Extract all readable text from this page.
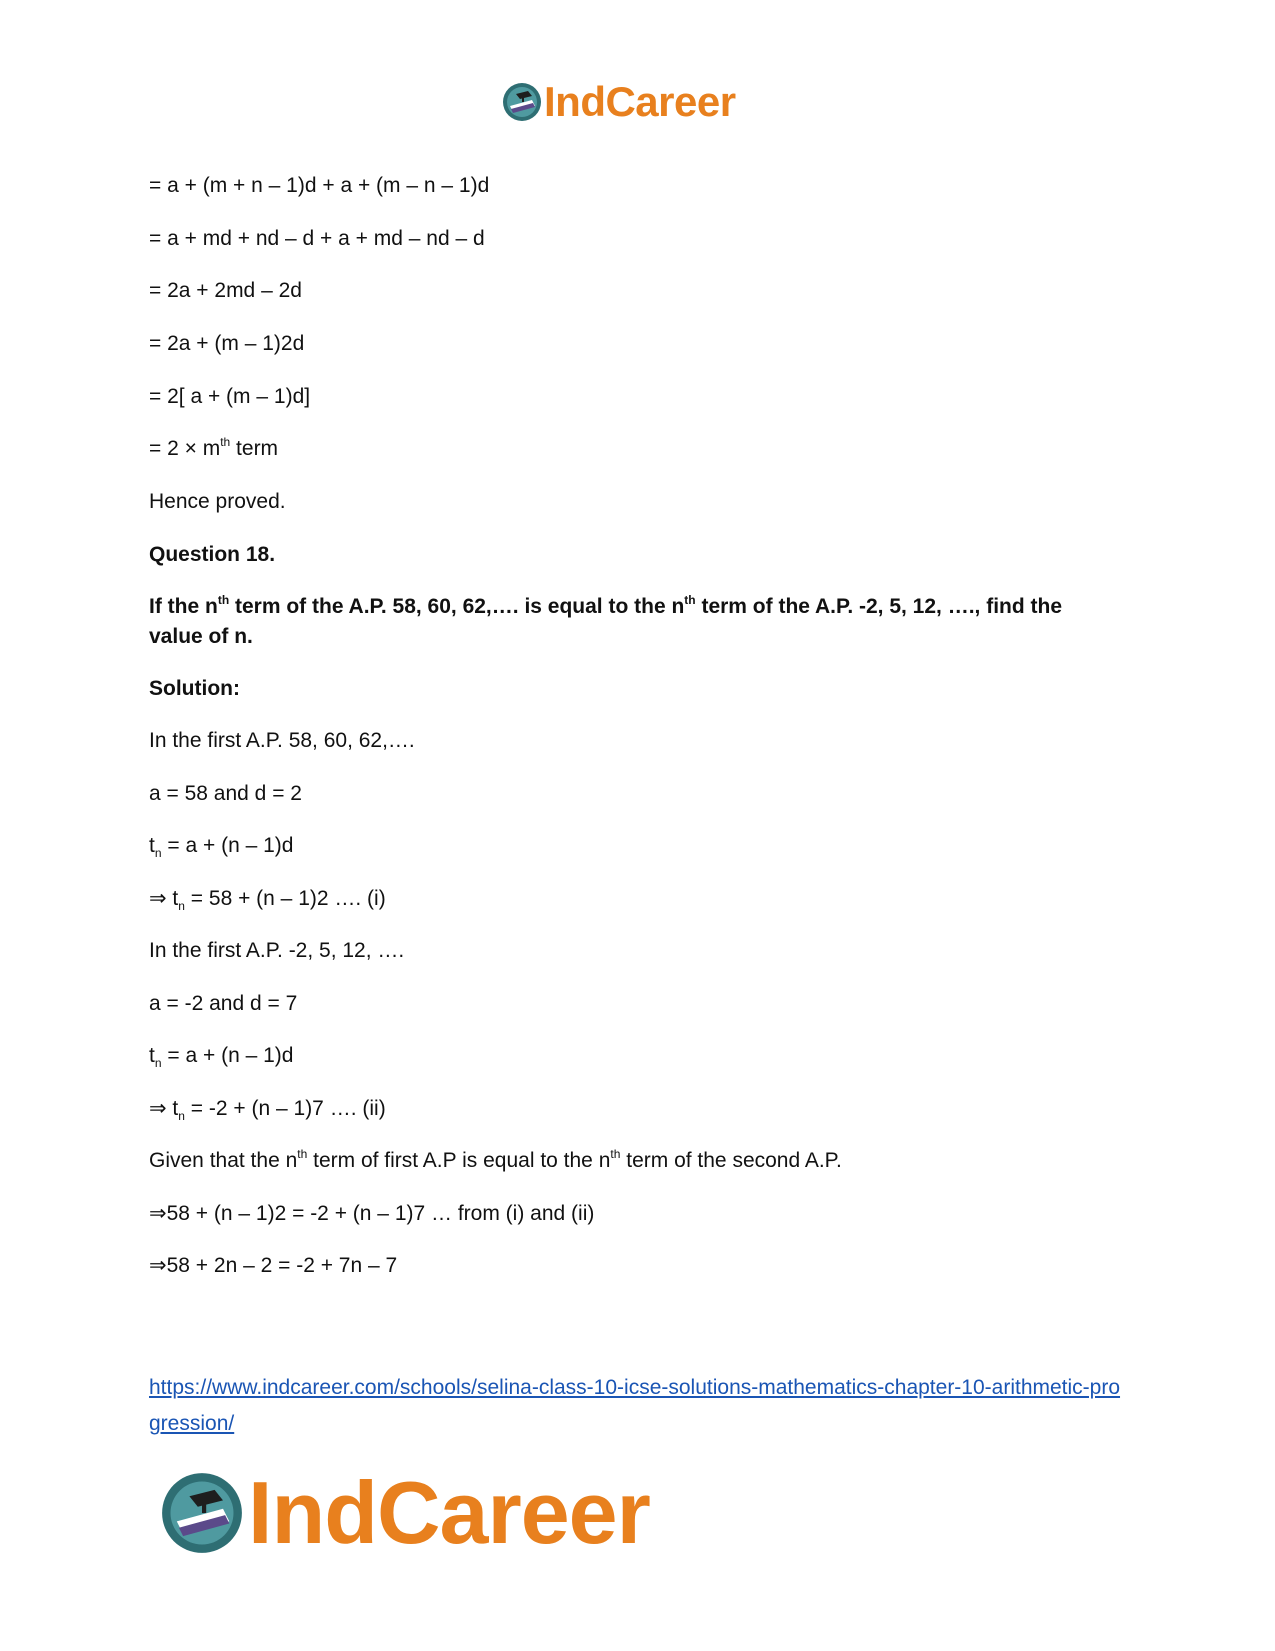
IndCareer
= a + (m + n – 1)d + a + (m – n – 1)d
= a + md + nd – d + a + md – nd – d
= 2a + 2md – 2d
= 2a + (m – 1)2d
= 2[ a + (m – 1)d]
= $2 \times m^{th}$ term
Hence proved.
Question 18.
If the $n^{th}$ term of the A.P. 58, 60, 62,…. is equal to the $n^{th}$ term of the A.P. -2, 5, 12, …., find the value of n.
Solution:
In the first A.P. 58, 60, 62,….
a = 58 and d = 2
$t_n = a + (n - 1)d$
⇒ $t_n = 58 + (n - 1)2$ …. (i)
In the first A.P. -2, 5, 12, ….
a = -2 and d = 7
$t_n = a + (n - 1)d$
⇒ $t_n = -2 + (n - 1)7$ …. (ii)
Given that the $n^{th}$ term of first A.P is equal to the $n^{th}$ term of the second A.P.
⇒58 + (n – 1)2 = -2 + (n – 1)7 … from (i) and (ii)
⇒58 + 2n – 2 = -2 + 7n – 7
https://www.indcareer.com/schools/selina-class-10-icse-solutions-mathematics-chapter-10-arithmetic-progression/
IndCareer
